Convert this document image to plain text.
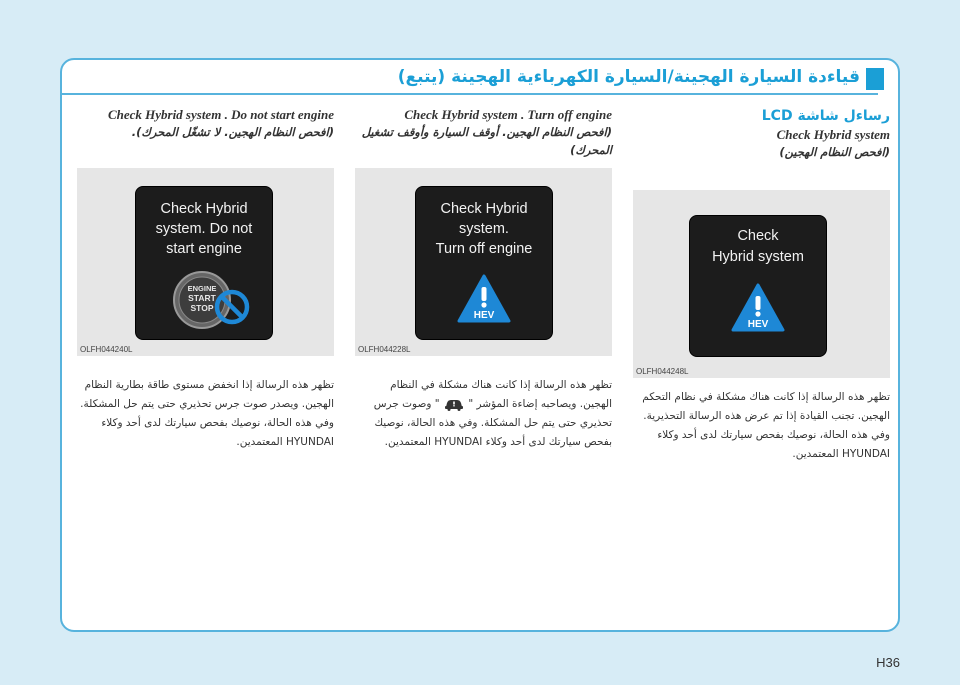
قياءدة السيارة الهجينة/السيارة الكهرباءية الهجينة (يتبع)

رساءل شاشة LCD

Check Hybrid system
(افحص النظام الهجين)
Check
Hybrid system
HEV
OLFH044248L
تظهر هذه الرسالة إذا كانت هناك مشكلة في نظام التحكم الهجين. تجنب القيادة إذا تم عرض هذه الرسالة التحذيرية. وفي هذه الحالة، نوصيك بفحص سيارتك لدى أحد وكلاء HYUNDAI المعتمدين.
Check Hybrid system . Turn off engine
(افحص النظام الهجين. أوقف السيارة وأوقف تشغيل المحرك)
Check Hybrid
system.
Turn off engine
HEV
OLFH044228L
تظهر هذه الرسالة إذا كانت هناك مشكلة في النظام الهجين. ويصاحبه إضاءة المؤشر "  " وصوت جرس تحذيري حتى يتم حل المشكلة. وفي هذه الحالة، نوصيك بفحص سيارتك لدى أحد وكلاء HYUNDAI المعتمدين.
Check Hybrid system . Do not start engine
(افحص النظام الهجين. لا تشغّل المحرك).
Check Hybrid
system. Do not
start engine
ENGINE
START
STOP
OLFH044240L
تظهر هذه الرسالة إذا انخفض مستوى طاقة بطارية النظام الهجين. ويصدر صوت جرس تحذيري حتى يتم حل المشكلة. وفي هذه الحالة، نوصيك بفحص سيارتك لدى أحد وكلاء HYUNDAI المعتمدين.
H36
